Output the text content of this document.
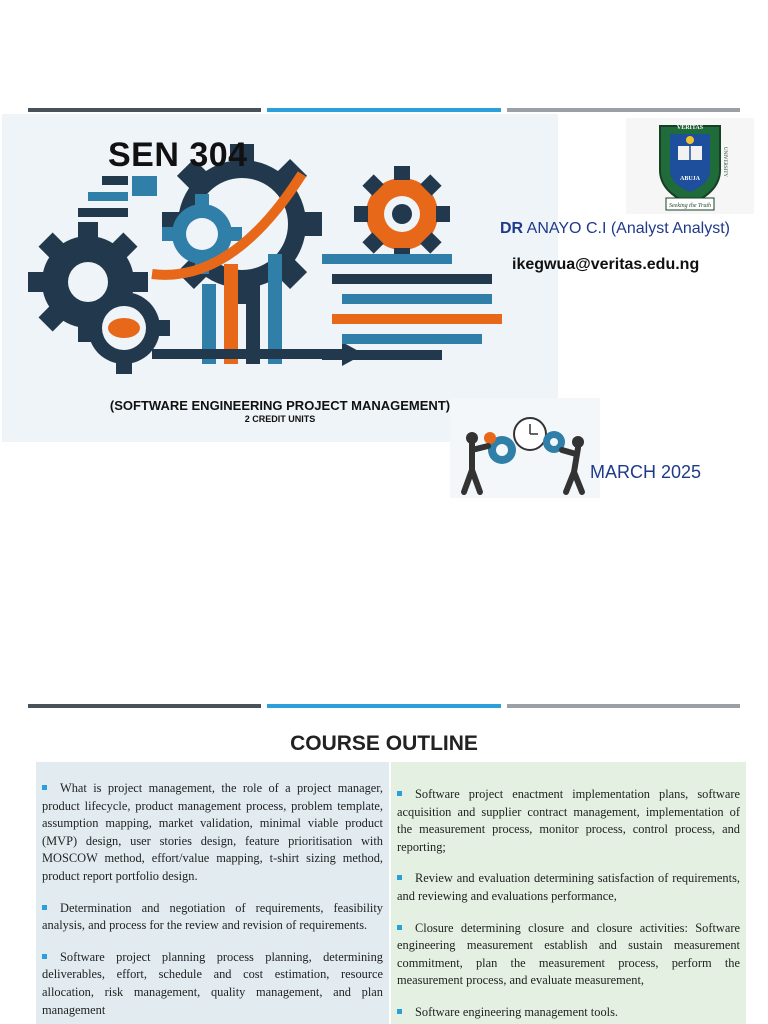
SEN 304
(SOFTWARE ENGINEERING PROJECT MANAGEMENT)
2 CREDIT UNITS
VERITAS
ABUJA
UNIVERSITY
Seeking the Truth
DR ANAYO C.I (Analyst Analyst)
ikegwua@veritas.edu.ng
MARCH 2025
COURSE OUTLINE
What is project management, the role of a project manager, product lifecycle, product management process, problem template, assumption mapping, market validation, minimal viable product (MVP) design, user stories design, feature prioritisation with MOSCOW method, effort/value mapping, t-shirt sizing method, product report portfolio design.
Determination and negotiation of requirements, feasibility analysis, and process for the review and revision of requirements.
Software project planning process planning, determining deliverables, effort, schedule and cost estimation, resource allocation, risk management, quality management, and plan management
Software project enactment implementation plans, software acquisition and supplier contract management, implementation of the measurement process, monitor process, control process, and reporting;
Review and evaluation determining satisfaction of requirements, and reviewing and evaluations performance,
Closure determining closure and closure activities: Software engineering measurement establish and sustain measurement commitment, plan the measurement process, perform the measurement process, and evaluate measurement,
Software engineering management tools.
